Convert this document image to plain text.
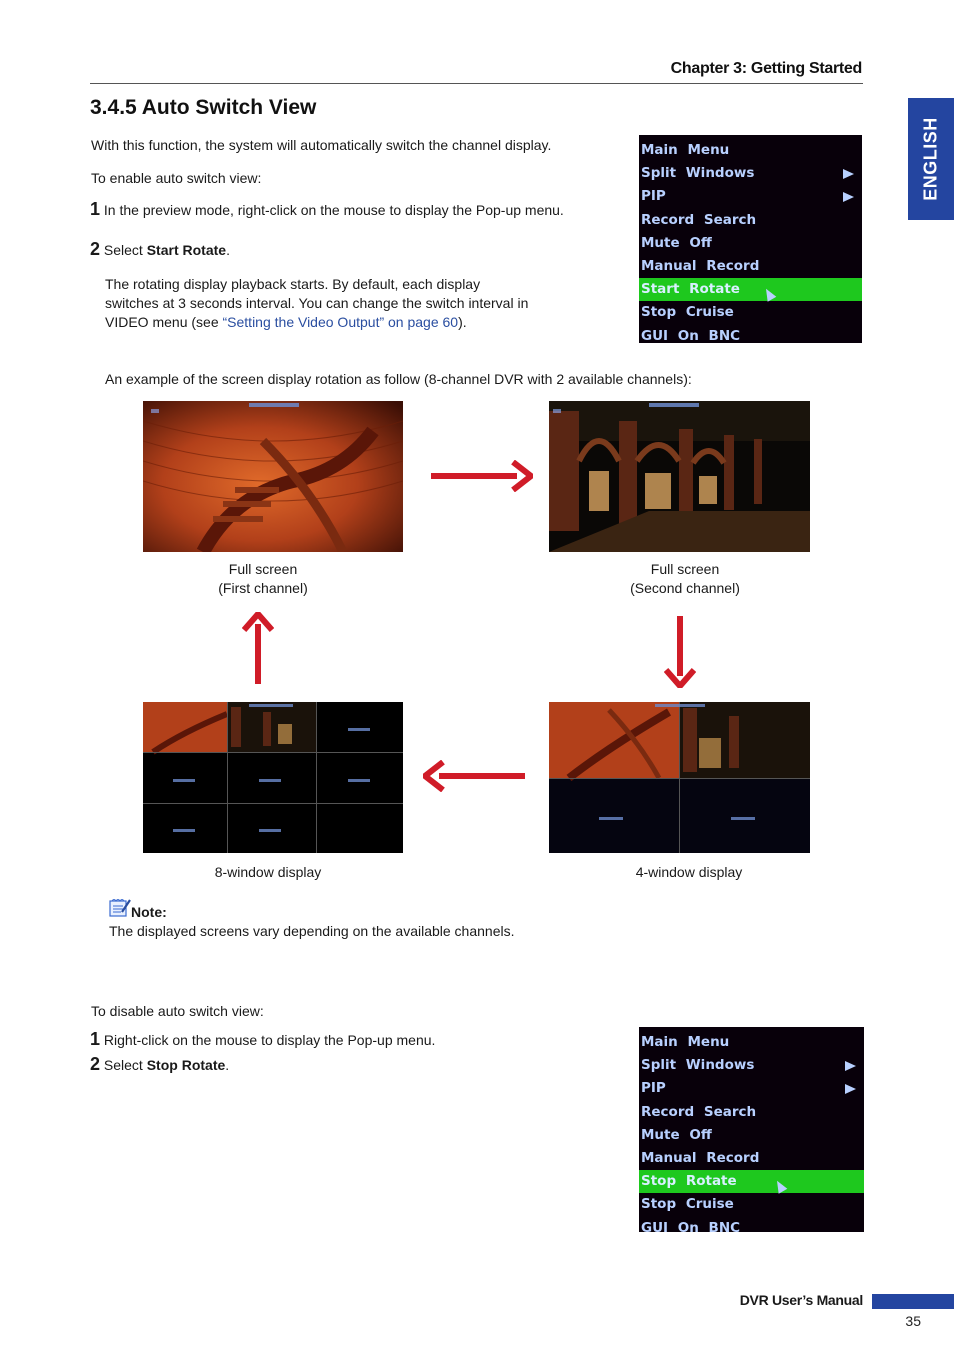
Chapter 3: Getting Started
ENGLISH
3.4.5 Auto Switch View
With this function, the system will automatically switch the channel display.
To enable auto switch view:
1 In the preview mode, right-click on the mouse to display the Pop-up menu.
2 Select Start Rotate.
The rotating display playback starts. By default, each display
switches at 3 seconds interval. You can change the switch interval in
VIDEO menu (see “Setting the Video Output” on page 60).
Main Menu
Split Windows
PIP
Record Search
Mute Off
Manual Record
Start Rotate
Stop Cruise
GUI On BNC
An example of the screen display rotation as follow (8-channel DVR with 2 available channels):
Full screen
(First channel)
Full screen
(Second channel)
8-window display	4-window display
Note:
The displayed screens vary depending on the available channels.
To disable auto switch view:
1 Right-click on the mouse to display the Pop-up menu.
2 Select Stop Rotate.
Main Menu
Split Windows
PIP
Record Search
Mute Off
Manual Record
Stop Rotate
Stop Cruise
GUI On BNC
DVR User’s Manual
35
